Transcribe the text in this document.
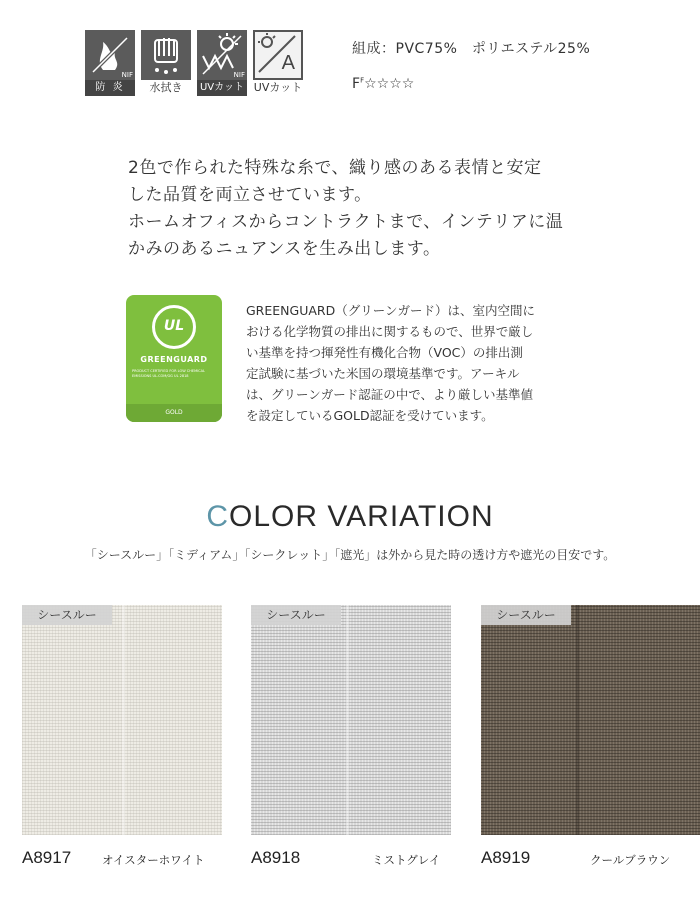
NIF
防 炎	水拭き
NIF
UVカット
A
UVカット
組成：PVC75%　ポリエステル25%
$F^F☆☆☆☆$

2色で作られた特殊な糸で、織り感のある表情と安定

した品質を両立させています。

ホームオフィスからコントラクトまで、インテリアに温

かみのあるニュアンスを生み出します。

UL
GREENGUARD
PRODUCT CERTIFIED FOR LOW CHEMICAL EMISSIONS UL.COM/GG UL 2818
GOLD

GREENGUARD（グリーンガード）は、室内空間に

おける化学物質の排出に関するもので、世界で厳し

い基準を持つ揮発性有機化合物（VOC）の排出測

定試験に基づいた米国の環境基準です。アーキル

は、グリーンガード認証の中で、より厳しい基準値

を設定しているGOLD認証を受けています。

COLOR VARIATION
「シースルー」「ミディアム」「シークレット」「遮光」は外から見た時の透け方や遮光の目安です。
シースルー	シースルー	シースルー
A8917	オイスターホワイト	A8918	ミストグレイ A8919	クールブラウン
